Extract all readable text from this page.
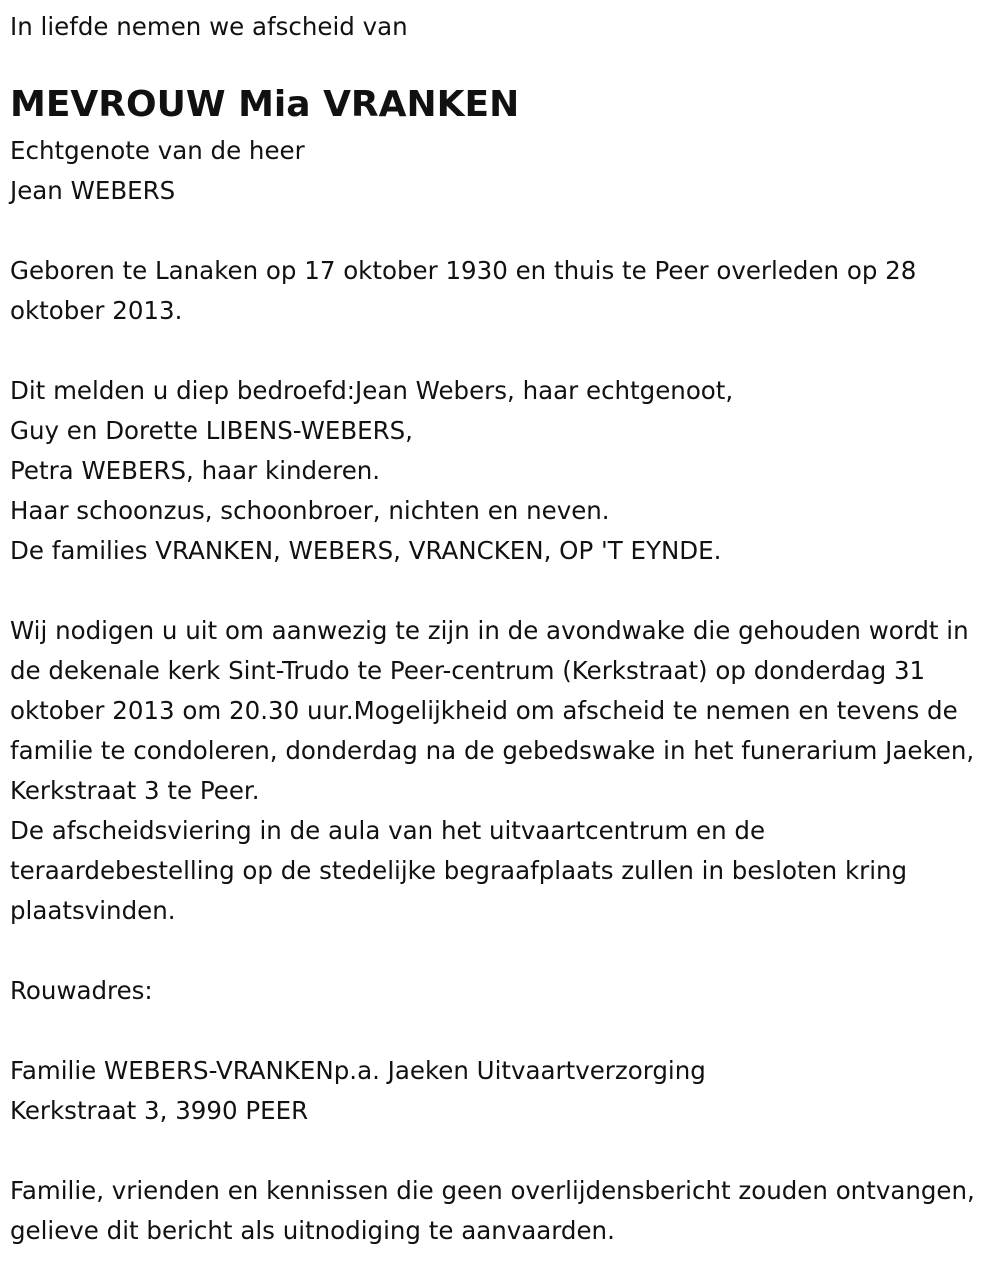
In liefde nemen we afscheid van

MEVROUW Mia VRANKEN

Echtgenote van de heer

Jean WEBERS

Geboren te Lanaken op 17 oktober 1930 en thuis te Peer overleden op 28 oktober 2013.

Dit melden u diep bedroefd:Jean Webers, haar echtgenoot,

Guy en Dorette LIBENS-WEBERS,

Petra WEBERS, haar kinderen.

Haar schoonzus, schoonbroer, nichten en neven.

De families VRANKEN, WEBERS, VRANCKEN, OP 'T EYNDE.

Wij nodigen u uit om aanwezig te zijn in de avondwake die gehouden wordt in de dekenale kerk Sint-Trudo te Peer-centrum (Kerkstraat) op donderdag 31 oktober 2013 om 20.30 uur.Mogelijkheid om afscheid te nemen en tevens de familie te condoleren, donderdag na de gebedswake in het funerarium Jaeken, Kerkstraat 3 te Peer.

De afscheidsviering in de aula van het uitvaartcentrum en de teraardebestelling op de stedelijke begraafplaats zullen in besloten kring plaatsvinden.

Rouwadres:

Familie WEBERS-VRANKENp.a. Jaeken Uitvaartverzorging

Kerkstraat 3, 3990 PEER

Familie, vrienden en kennissen die geen overlijdensbericht zouden ontvangen, gelieve dit bericht als uitnodiging te aanvaarden.
